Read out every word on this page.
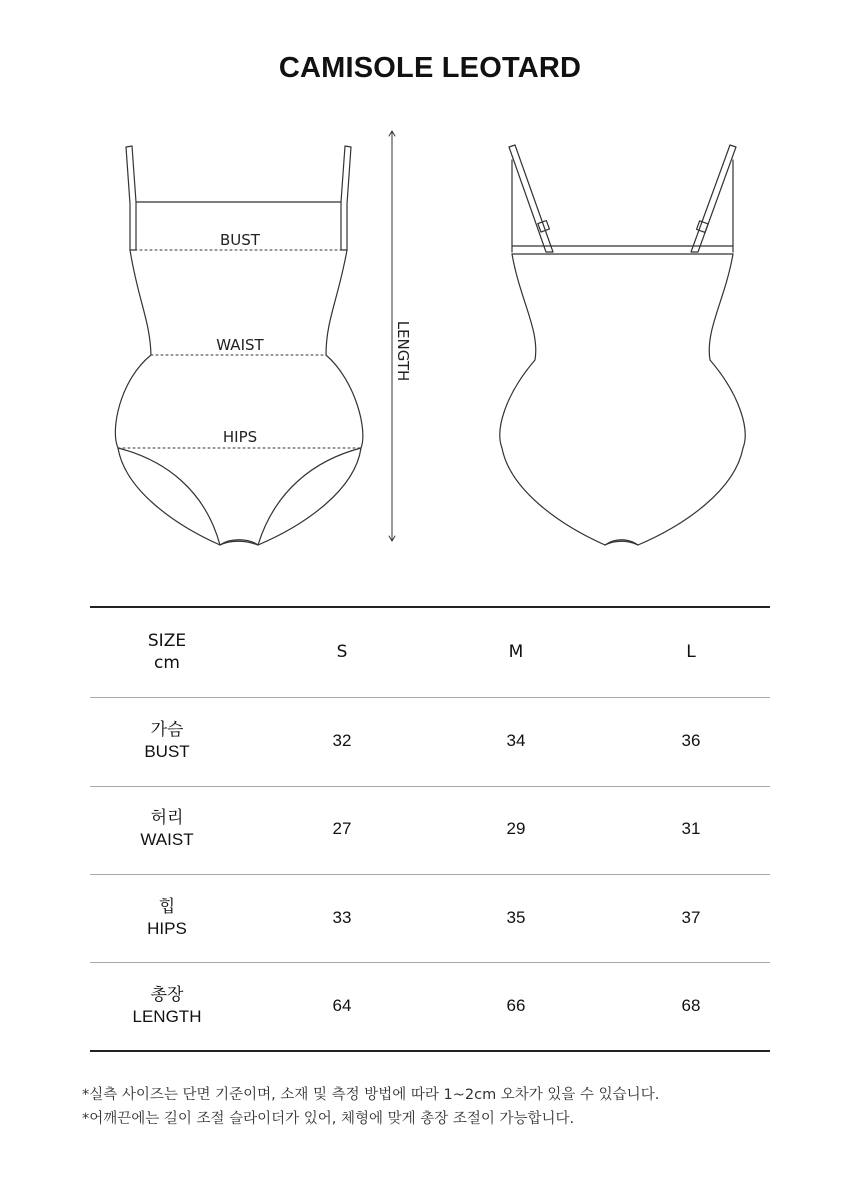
CAMISOLE LEOTARD
BUST
WAIST
HIPS
LENGTH
SIZE
cm
S	M	L
가슴
BUST
32	34	36
허리
WAIST
27	29	31
힙
HIPS
33	35	37
총장
LENGTH
64	66	68
*실측 사이즈는 단면 기준이며, 소재 및 측정 방법에 따라 1~2cm 오차가 있을 수 있습니다.
*어깨끈에는 길이 조절 슬라이더가 있어, 체형에 맞게 총장 조절이 가능합니다.
